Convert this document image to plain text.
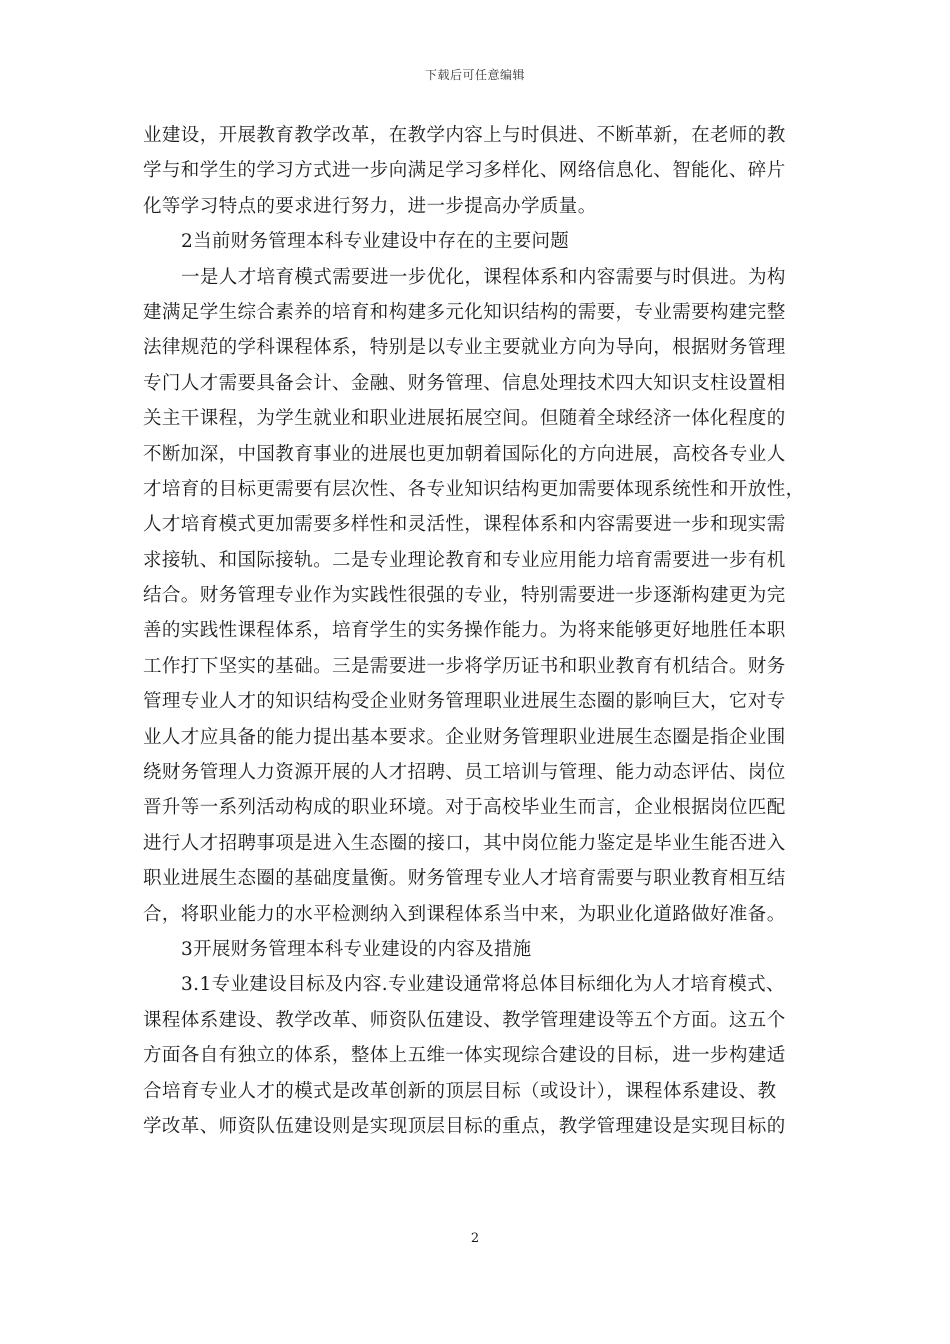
下载后可任意编辑
业建设，开展教育教学改革，在教学内容上与时俱进、不断革新，在老师的教
学与和学生的学习方式进一步向满足学习多样化、网络信息化、智能化、碎片
化等学习特点的要求进行努力，进一步提高办学质量。
2当前财务管理本科专业建设中存在的主要问题
一是人才培育模式需要进一步优化，课程体系和内容需要与时俱进。为构
建满足学生综合素养的培育和构建多元化知识结构的需要，专业需要构建完整
法律规范的学科课程体系，特别是以专业主要就业方向为导向，根据财务管理
专门人才需要具备会计、金融、财务管理、信息处理技术四大知识支柱设置相
关主干课程，为学生就业和职业进展拓展空间。但随着全球经济一体化程度的
不断加深，中国教育事业的进展也更加朝着国际化的方向进展，高校各专业人
才培育的目标更需要有层次性、各专业知识结构更加需要体现系统性和开放性，
人才培育模式更加需要多样性和灵活性，课程体系和内容需要进一步和现实需
求接轨、和国际接轨。二是专业理论教育和专业应用能力培育需要进一步有机
结合。财务管理专业作为实践性很强的专业，特别需要进一步逐渐构建更为完
善的实践性课程体系，培育学生的实务操作能力。为将来能够更好地胜任本职
工作打下坚实的基础。三是需要进一步将学历证书和职业教育有机结合。财务
管理专业人才的知识结构受企业财务管理职业进展生态圈的影响巨大，它对专
业人才应具备的能力提出基本要求。企业财务管理职业进展生态圈是指企业围
绕财务管理人力资源开展的人才招聘、员工培训与管理、能力动态评估、岗位
晋升等一系列活动构成的职业环境。对于高校毕业生而言，企业根据岗位匹配
进行人才招聘事项是进入生态圈的接口，其中岗位能力鉴定是毕业生能否进入
职业进展生态圈的基础度量衡。财务管理专业人才培育需要与职业教育相互结
合，将职业能力的水平检测纳入到课程体系当中来，为职业化道路做好准备。
3开展财务管理本科专业建设的内容及措施
3.1专业建设目标及内容.专业建设通常将总体目标细化为人才培育模式、
课程体系建设、教学改革、师资队伍建设、教学管理建设等五个方面。这五个
方面各自有独立的体系，整体上五维一体实现综合建设的目标，进一步构建适
合培育专业人才的模式是改革创新的顶层目标（或设计），课程体系建设、教
学改革、师资队伍建设则是实现顶层目标的重点，教学管理建设是实现目标的
2
